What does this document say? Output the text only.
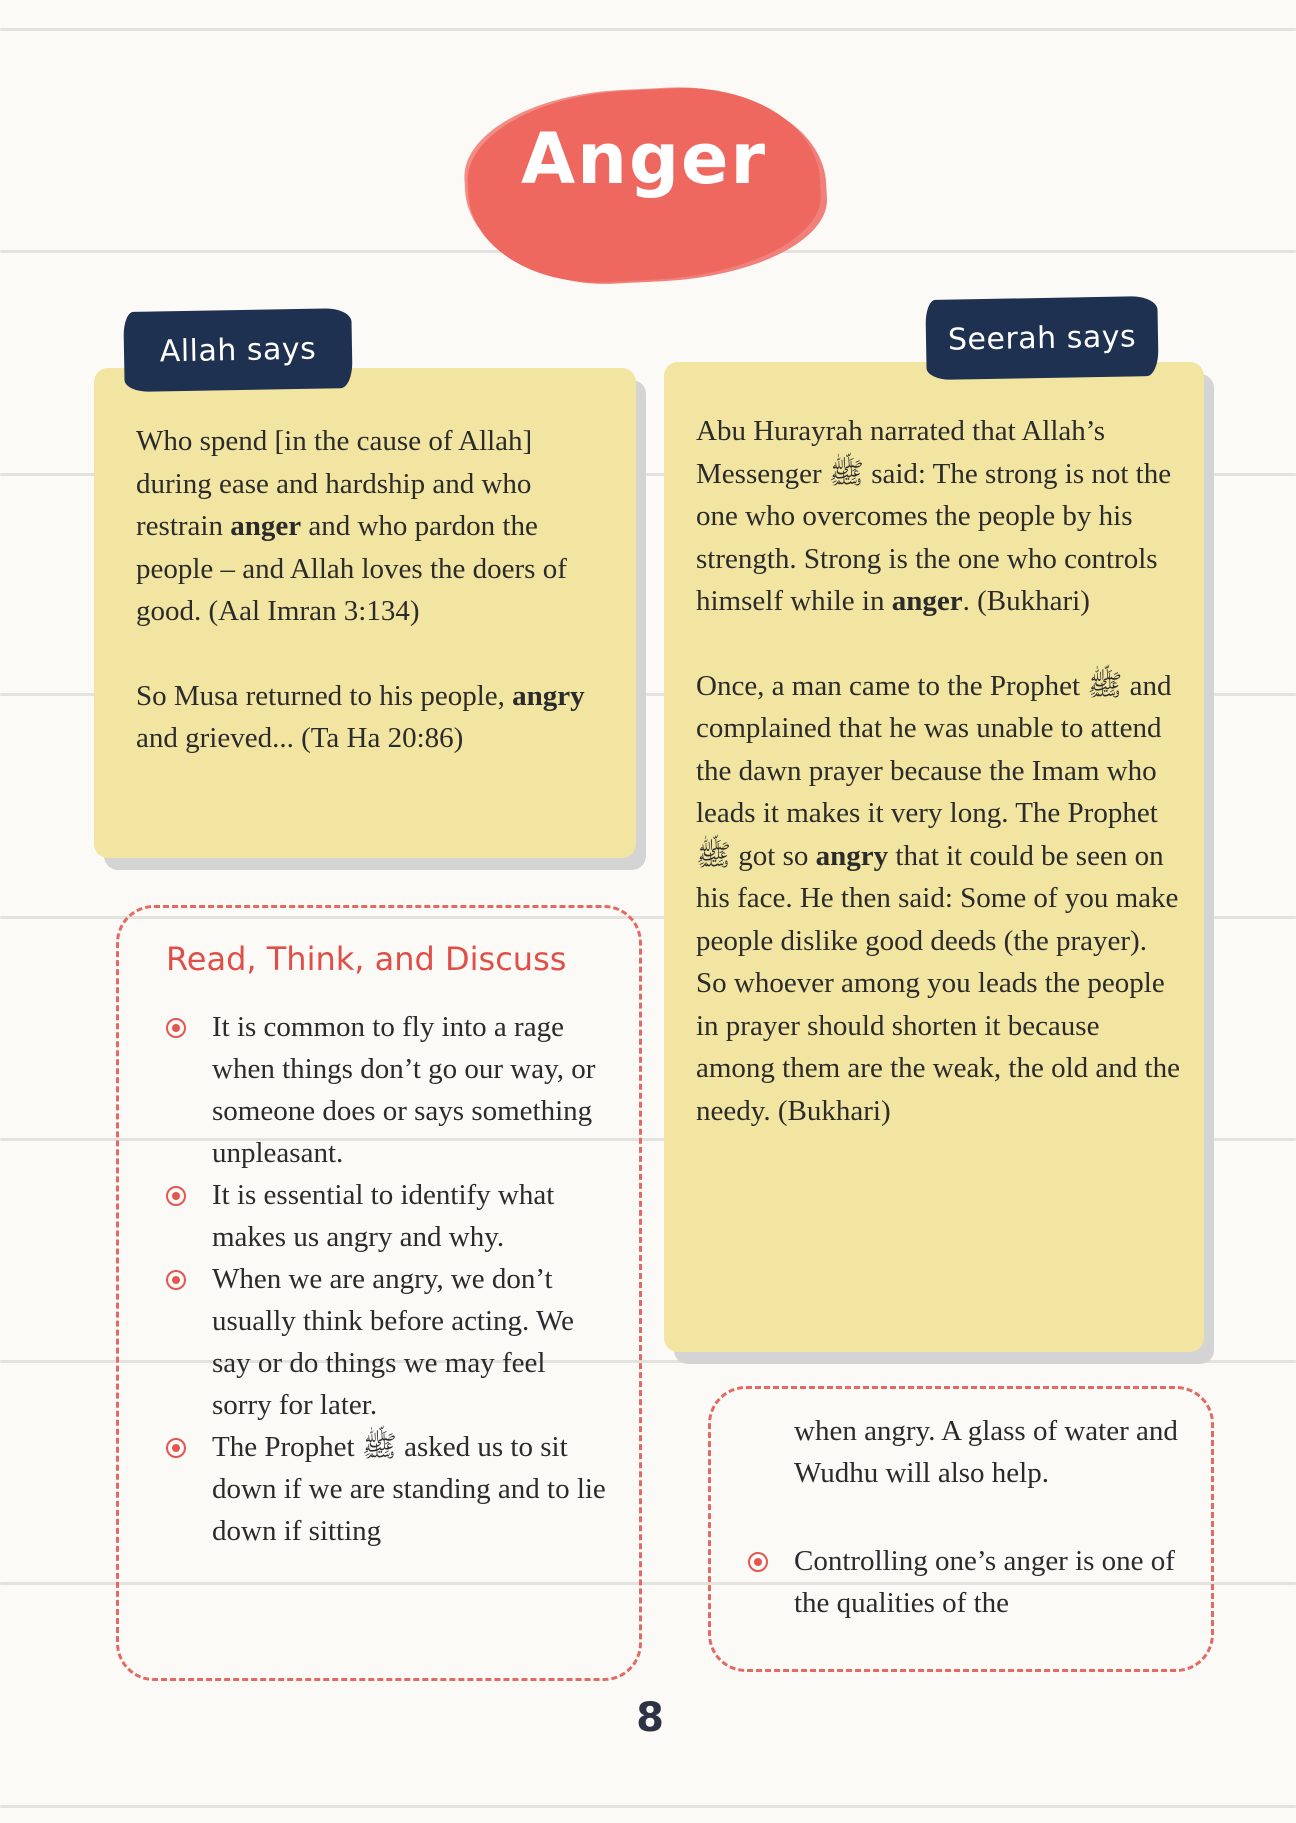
Anger

Who spend [in the cause of Allah] during ease and hardship and who restrain anger and who pardon the people – and Allah loves the doers of good. (Aal Imran 3:134)

So Musa returned to his people, angry and grieved... (Ta Ha 20:86)

Allah says

Abu Hurayrah narrated that Allah’s Messenger ﷺ said: The strong is not the one who overcomes the people by his strength. Strong is the one who controls himself while in anger. (Bukhari)

Once, a man came to the Prophet ﷺ and complained that he was unable to attend the dawn prayer because the Imam who leads it makes it very long. The Prophet ﷺ got so angry that it could be seen on his face. He then said: Some of you make people dislike good deeds (the prayer). So whoever among you leads the people in prayer should shorten it because among them are the weak, the old and the needy. (Bukhari)

Seerah says
Read, Think, and Discuss
It is common to fly into a rage when things don’t go our way, or someone does or says something unpleasant.
It is essential to identify what makes us angry and why.
When we are angry, we don’t usually think before acting. We say or do things we may feel sorry for later.
The Prophet ﷺ asked us to sit down if we are standing and to lie down if sitting
when angry. A glass of water and Wudhu will also help.
Controlling one’s anger is one of the qualities of the
8
